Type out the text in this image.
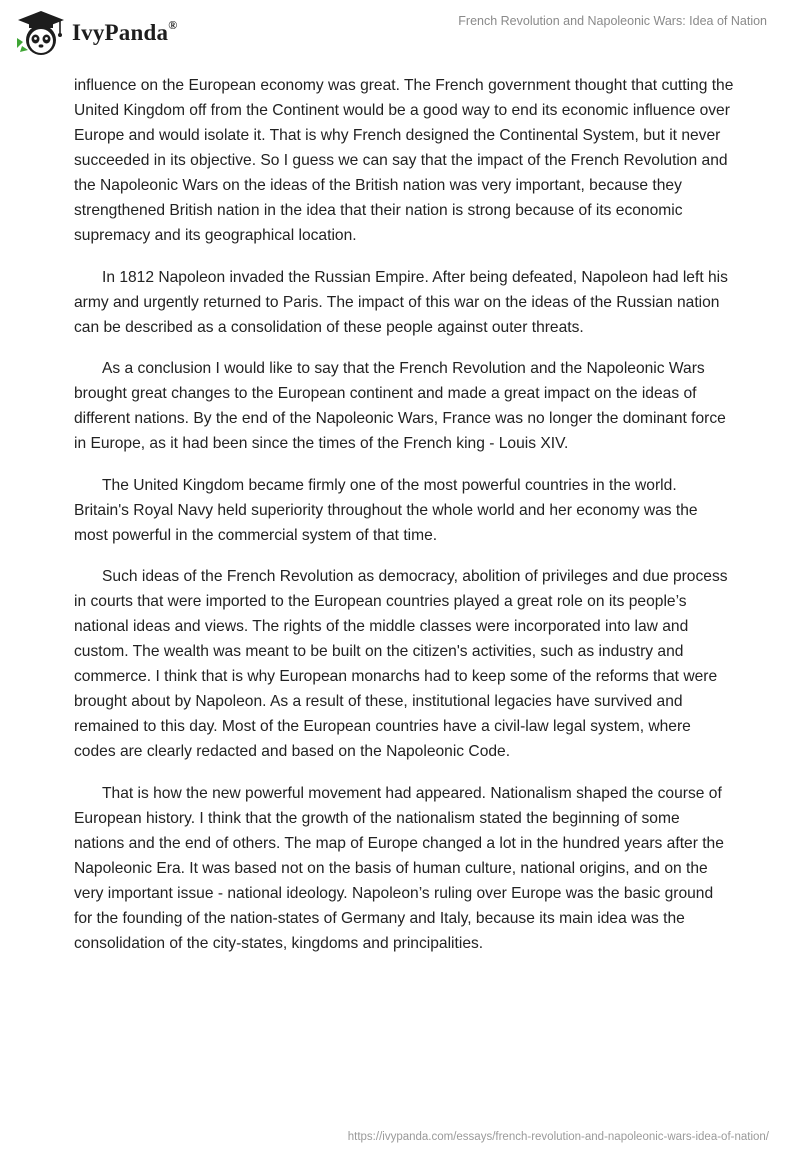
IvyPanda®	French Revolution and Napoleonic Wars: Idea of Nation

influence on the European economy was great. The French government thought that cutting the United Kingdom off from the Continent would be a good way to end its economic influence over Europe and would isolate it. That is why French designed the Continental System, but it never succeeded in its objective. So I guess we can say that the impact of the French Revolution and the Napoleonic Wars on the ideas of the British nation was very important, because they strengthened British nation in the idea that their nation is strong because of its economic supremacy and its geographical location.

In 1812 Napoleon invaded the Russian Empire. After being defeated, Napoleon had left his army and urgently returned to Paris. The impact of this war on the ideas of the Russian nation can be described as a consolidation of these people against outer threats.

As a conclusion I would like to say that the French Revolution and the Napoleonic Wars brought great changes to the European continent and made a great impact on the ideas of different nations. By the end of the Napoleonic Wars, France was no longer the dominant force in Europe, as it had been since the times of the French king - Louis XIV.

The United Kingdom became firmly one of the most powerful countries in the world. Britain's Royal Navy held superiority throughout the whole world and her economy was the most powerful in the commercial system of that time.

Such ideas of the French Revolution as democracy, abolition of privileges and due process in courts that were imported to the European countries played a great role on its people’s national ideas and views. The rights of the middle classes were incorporated into law and custom. The wealth was meant to be built on the citizen's activities, such as industry and commerce. I think that is why European monarchs had to keep some of the reforms that were brought about by Napoleon. As a result of these, institutional legacies have survived and remained to this day. Most of the European countries have a civil-law legal system, where codes are clearly redacted and based on the Napoleonic Code.

That is how the new powerful movement had appeared. Nationalism shaped the course of European history. I think that the growth of the nationalism stated the beginning of some nations and the end of others. The map of Europe changed a lot in the hundred years after the Napoleonic Era. It was based not on the basis of human culture, national origins, and on the very important issue - national ideology. Napoleon’s ruling over Europe was the basic ground for the founding of the nation-states of Germany and Italy, because its main idea was the consolidation of the city-states, kingdoms and principalities.

https://ivypanda.com/essays/french-revolution-and-napoleonic-wars-idea-of-nation/
